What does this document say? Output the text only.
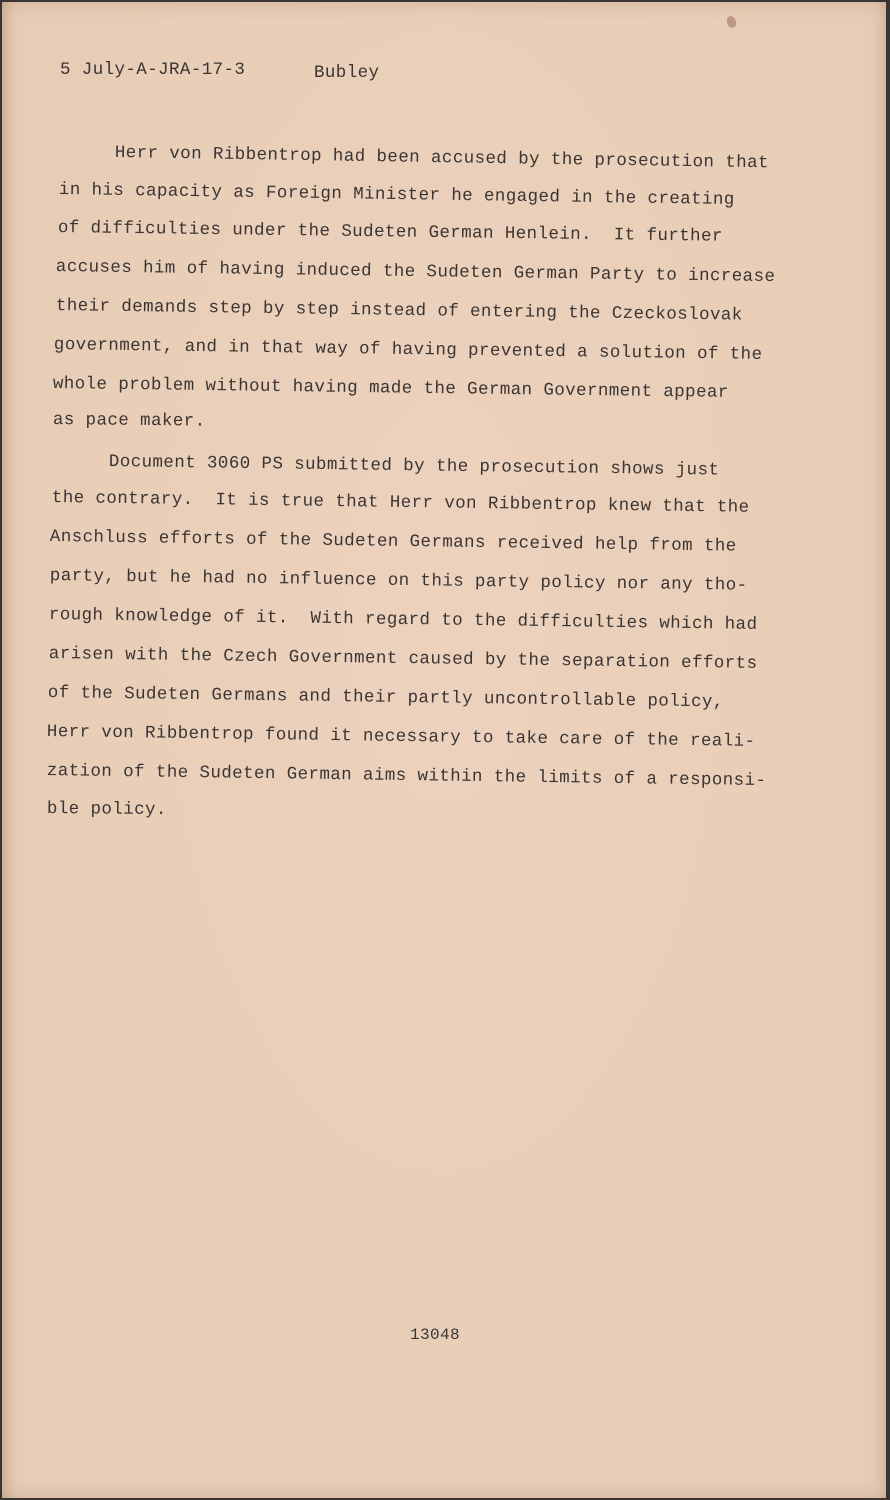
5 July-A-JRA-17-3	Bubley

Herr von Ribbentrop had been accused by the prosecution that

in his capacity as Foreign Minister he engaged in the creating

of difficulties under the Sudeten German Henlein.  It further

accuses him of having induced the Sudeten German Party to increase

their demands step by step instead of entering the Czeckoslovak

government, and in that way of having prevented a solution of the

whole problem without having made the German Government appear

as pace maker.

Document 3060 PS submitted by the prosecution shows just

the contrary.  It is true that Herr von Ribbentrop knew that the

Anschluss efforts of the Sudeten Germans received help from the

party, but he had no influence on this party policy nor any tho-

rough knowledge of it.  With regard to the difficulties which had

arisen with the Czech Government caused by the separation efforts

of the Sudeten Germans and their partly uncontrollable policy,

Herr von Ribbentrop found it necessary to take care of the reali-

zation of the Sudeten German aims within the limits of a responsi-

ble policy.

13048
